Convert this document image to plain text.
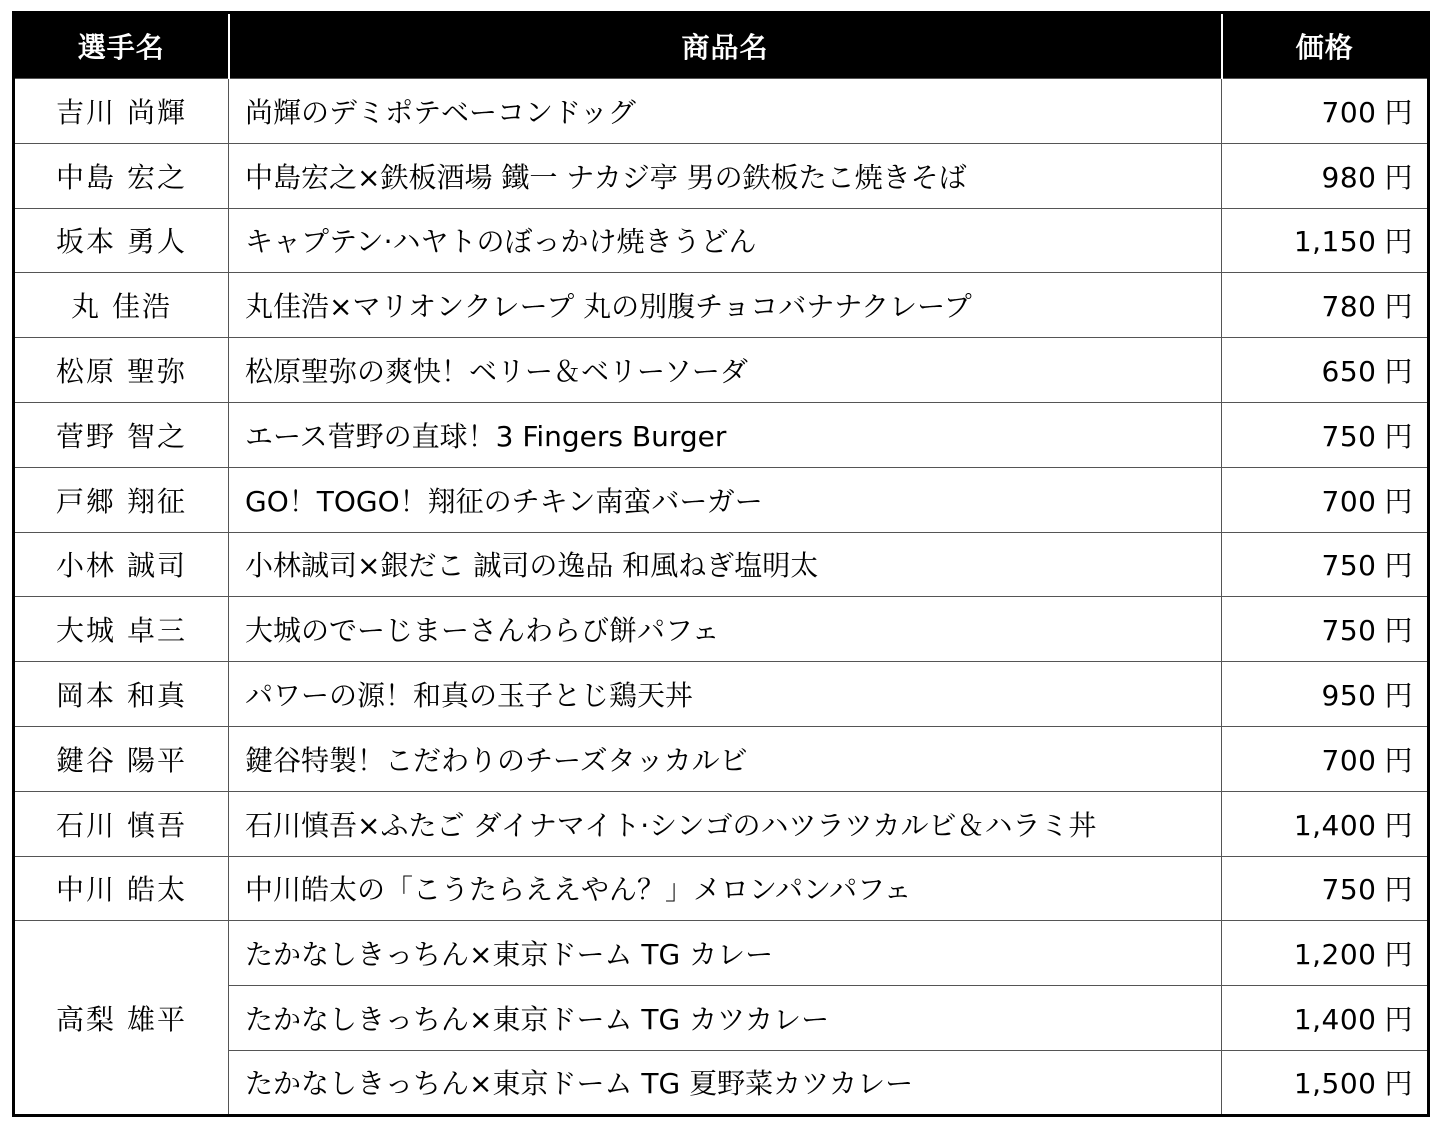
選手名	商品名	価格
吉川 尚輝	尚輝のデミポテベーコンドッグ	700 円
中島 宏之	中島宏之×鉄板酒場 鐵一 ナカジ亭 男の鉄板たこ焼きそば	980 円
坂本 勇人	キャプテン·ハヤトのぼっかけ焼きうどん	1,150 円
丸 佳浩	丸佳浩×マリオンクレープ 丸の別腹チョコバナナクレープ	780 円
松原 聖弥	松原聖弥の爽快！ベリー＆ベリーソーダ	650 円
菅野 智之	エース菅野の直球！3 Fingers Burger	750 円
戸郷 翔征	GO！TOGO！翔征のチキン南蛮バーガー	700 円
小林 誠司	小林誠司×銀だこ 誠司の逸品 和風ねぎ塩明太	750 円
大城 卓三	大城のでーじまーさんわらび餅パフェ	750 円
岡本 和真	パワーの源！和真の玉子とじ鶏天丼	950 円
鍵谷 陽平	鍵谷特製！こだわりのチーズタッカルビ	700 円
石川 慎吾	石川慎吾×ふたご ダイナマイト·シンゴのハツラツカルビ＆ハラミ丼	1,400 円
中川 皓太	中川皓太の「こうたらええやん？」メロンパンパフェ	750 円
高梨 雄平	たかなしきっちん×東京ドーム TG カレー	1,200 円
	たかなしきっちん×東京ドーム TG カツカレー	1,400 円
	たかなしきっちん×東京ドーム TG 夏野菜カツカレー	1,500 円
